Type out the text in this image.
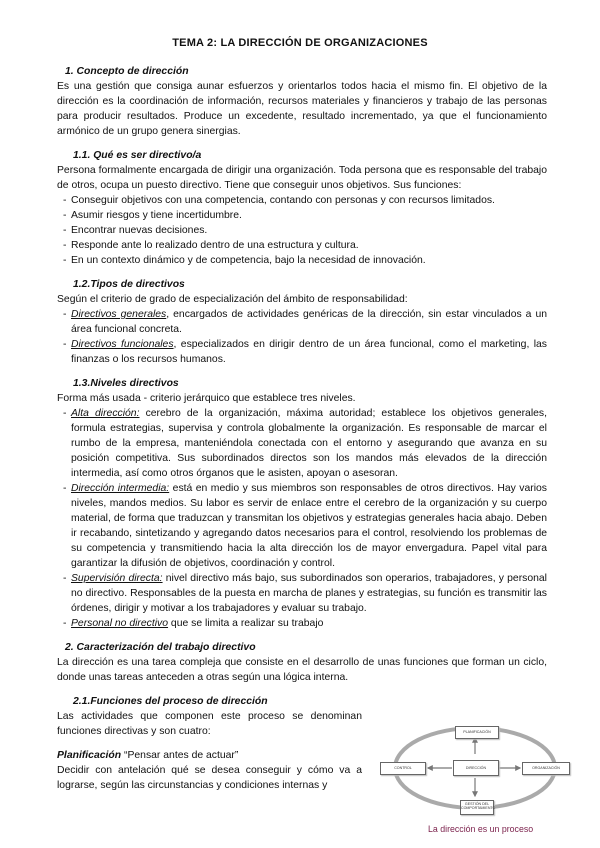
TEMA 2: LA DIRECCIÓN DE ORGANIZACIONES
1. Concepto de dirección

Es una gestión que consiga aunar esfuerzos y orientarlos todos hacia el mismo fin. El objetivo de la dirección es la coordinación de información, recursos materiales y financieros y trabajo de las personas para producir resultados. Produce un excedente, resultado incrementado, ya que el funcionamiento armónico de un grupo genera sinergias.

1.1. Qué es ser directivo/a

Persona formalmente encargada de dirigir una organización. Toda persona que es responsable del trabajo de otros, ocupa un puesto directivo. Tiene que conseguir unos objetivos. Sus funciones:

- Conseguir objetivos con una competencia, contando con personas y con recursos limitados.
- Asumir riesgos y tiene incertidumbre.
- Encontrar nuevas decisiones.
- Responde ante lo realizado dentro de una estructura y cultura.
- En un contexto dinámico y de competencia, bajo la necesidad de innovación.
1.2.Tipos de directivos

Según el criterio de grado de especialización del ámbito de responsabilidad:

- Directivos generales, encargados de actividades genéricas de la dirección, sin estar vinculados a un área funcional concreta.
- Directivos funcionales, especializados en dirigir dentro de un área funcional, como el marketing, las finanzas o los recursos humanos.
1.3.Niveles directivos

Forma más usada - criterio jerárquico que establece tres niveles.

- Alta dirección: cerebro de la organización, máxima autoridad; establece los objetivos generales, formula estrategias, supervisa y controla globalmente la organización. Es responsable de marcar el rumbo de la empresa, manteniéndola conectada con el entorno y asegurando que avanza en su posición competitiva. Sus subordinados directos son los mandos más elevados de la dirección intermedia, así como otros órganos que le asisten, apoyan o asesoran.
- Dirección intermedia: está en medio y sus miembros son responsables de otros directivos. Hay varios niveles, mandos medios. Su labor es servir de enlace entre el cerebro de la organización y su cuerpo material, de forma que traduzcan y transmitan los objetivos y estrategias generales hacia abajo. Deben ir recabando, sintetizando y agregando datos necesarios para el control, resolviendo los problemas de su competencia y transmitiendo hacia la alta dirección los de mayor envergadura. Papel vital para garantizar la difusión de objetivos, coordinación y control.
- Supervisión directa: nivel directivo más bajo, sus subordinados son operarios, trabajadores, y personal no directivo. Responsables de la puesta en marcha de planes y estrategias, su función es transmitir las órdenes, dirigir y motivar a los trabajadores y evaluar su trabajo.
- Personal no directivo que se limita a realizar su trabajo
2. Caracterización del trabajo directivo

La dirección es una tarea compleja que consiste en el desarrollo de unas funciones que forman un ciclo, donde unas tareas anteceden a otras según una lógica interna.

2.1.Funciones del proceso de dirección

Las actividades que componen este proceso se denominan funciones directivas y son cuatro:

Planificación “Pensar antes de actuar”

Decidir con antelación qué se desea conseguir y cómo va a lograrse, según las circunstancias y condiciones internas y

PLANIFICACIÓN
CONTROL	DIRECCIÓN	ORGANIZACIÓN
GESTIÓN DEL COMPORTAMIENTO
La dirección es un proceso
